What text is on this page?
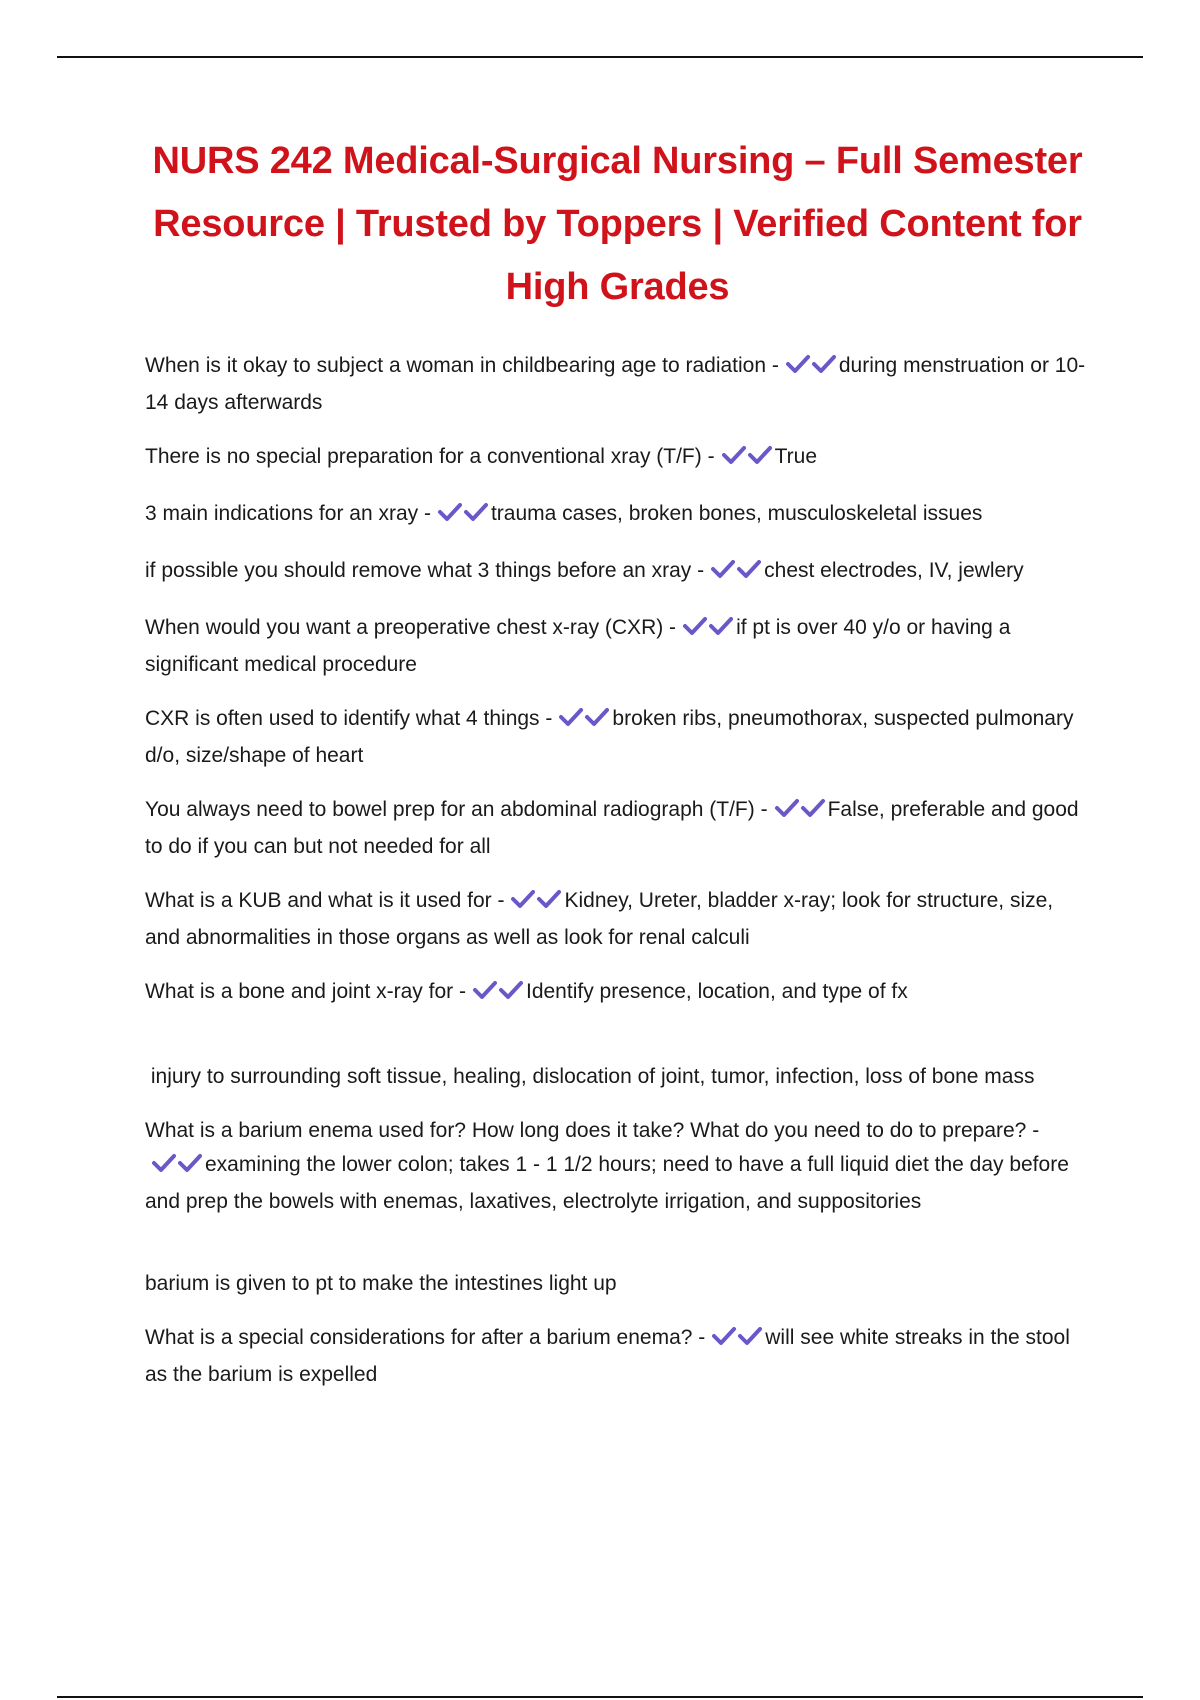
NURS 242 Medical-Surgical Nursing – Full Semester Resource | Trusted by Toppers | Verified Content for High Grades

When is it okay to subject a woman in childbearing age to radiation -	during menstruation or 10-14 days afterwards

There is no special preparation for a conventional xray (T/F) -	True

3 main indications for an xray -	trauma cases, broken bones, musculoskeletal issues

if possible you should remove what 3 things before an xray -	chest electrodes, IV, jewlery

When would you want a preoperative chest x-ray (CXR) -	if pt is over 40 y/o or having a significant medical procedure

CXR is often used to identify what 4 things -	broken ribs, pneumothorax, suspected pulmonary d/o, size/shape of heart

You always need to bowel prep for an abdominal radiograph (T/F) -	False, preferable and good to do if you can but not needed for all

What is a KUB and what is it used for -	Kidney, Ureter, bladder x-ray; look for structure, size, and abnormalities in those organs as well as look for renal calculi

What is a bone and joint x-ray for -	Identify presence, location, and type of fx

injury to surrounding soft tissue, healing, dislocation of joint, tumor, infection, loss of bone mass

What is a barium enema used for? How long does it take? What do you need to do to prepare? -
examining the lower colon; takes 1 - 1 1/2 hours; need to have a full liquid diet the day before and prep the bowels with enemas, laxatives, electrolyte irrigation, and suppositories

barium is given to pt to make the intestines light up

What is a special considerations for after a barium enema? -	will see white streaks in the stool as the barium is expelled
